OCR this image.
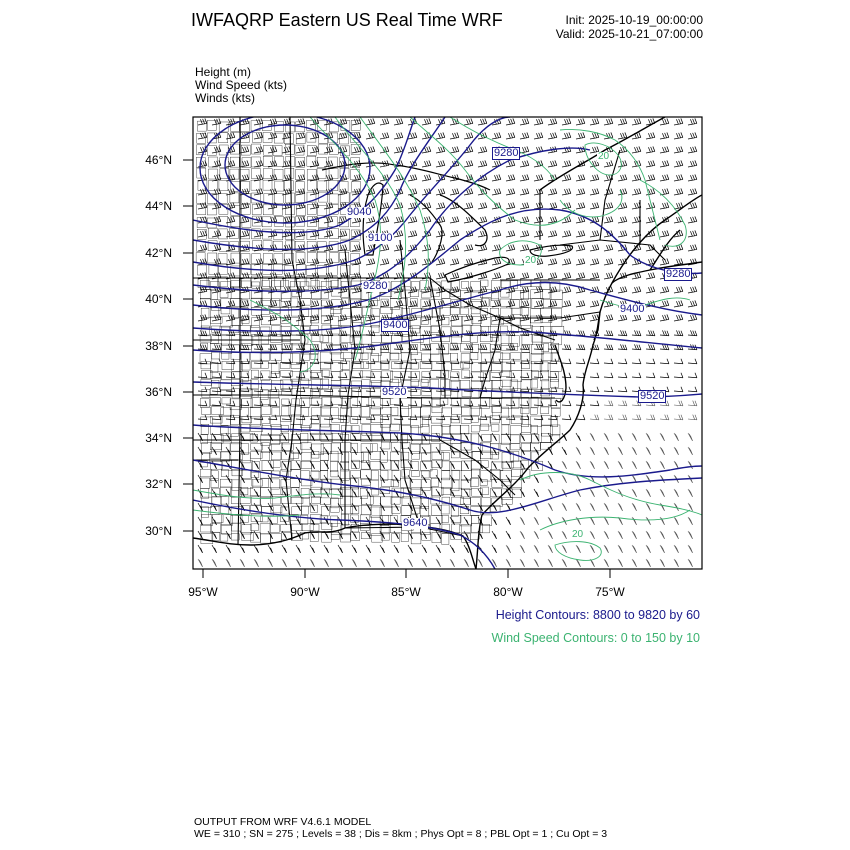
IWFAQRP Eastern US Real Time WRF	Init: 2025-10-19_00:00:00
Valid: 2025-10-21_07:00:00
Height (m)
Wind Speed (kts)
Winds (kts)
9280
9040
9100
9280
9400
9520
9280
9400
9520
9640
20
20
20
46°N
44°N
42°N
40°N
38°N
36°N
34°N
32°N
30°N
95°W	90°W	85°W	80°W	75°W
Height Contours: 8800 to 9820 by 60
Wind Speed Contours: 0 to 150 by 10
OUTPUT FROM WRF V4.6.1 MODEL
WE = 310 ; SN = 275 ; Levels = 38 ; Dis = 8km ; Phys Opt = 8 ; PBL Opt = 1 ; Cu Opt = 3
